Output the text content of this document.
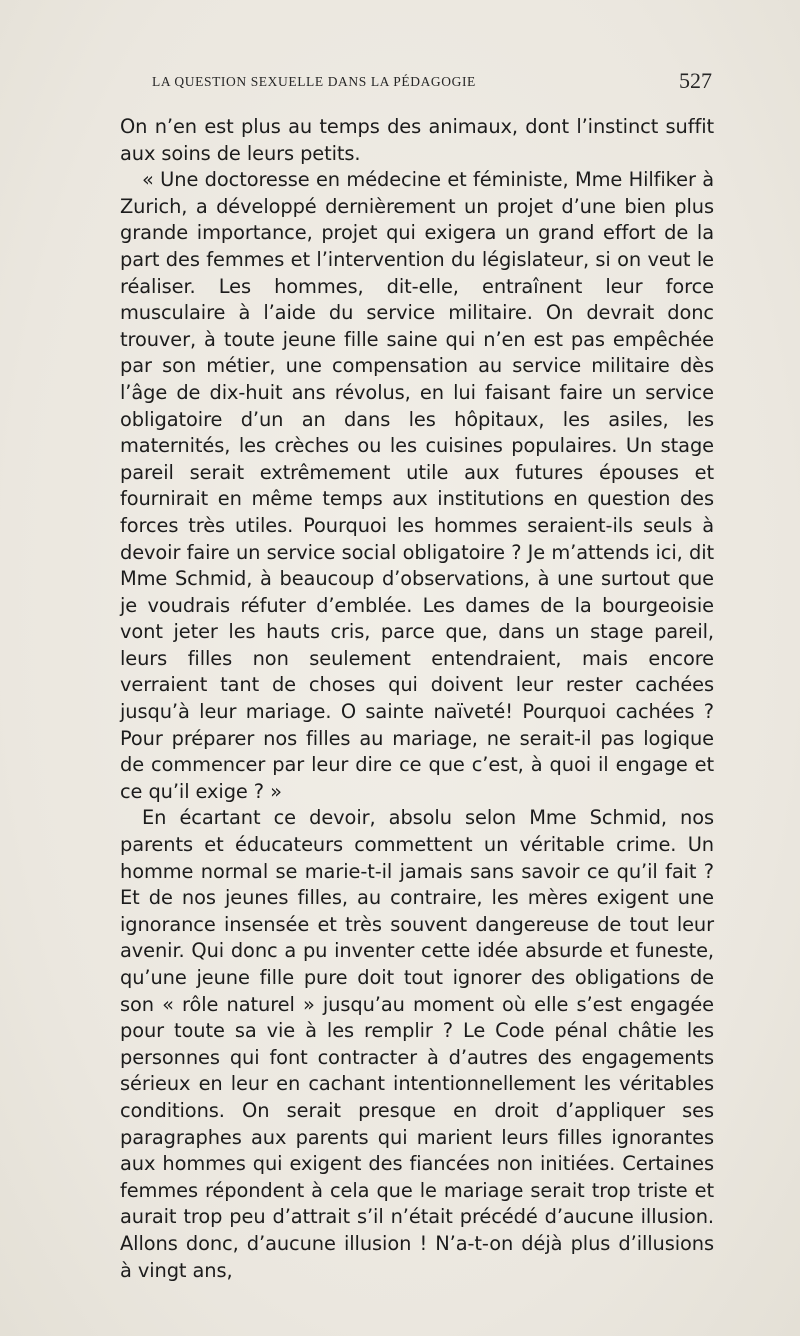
LA QUESTION SEXUELLE DANS LA PÉDAGOGIE	527

On n’en est plus au temps des animaux, dont l’instinct suffit aux soins de leurs petits.

« Une doctoresse en médecine et féministe, Mme Hilfiker à Zurich, a développé dernièrement un projet d’une bien plus grande importance, projet qui exigera un grand effort de la part des femmes et l’intervention du législateur, si on veut le réaliser. Les hommes, dit-elle, entraînent leur force musculaire à l’aide du service militaire. On devrait donc trouver, à toute jeune fille saine qui n’en est pas empêchée par son métier, une compensation au service militaire dès l’âge de dix-huit ans révolus, en lui faisant faire un service obligatoire d’un an dans les hôpitaux, les asiles, les maternités, les crèches ou les cuisines populaires. Un stage pareil serait extrêmement utile aux futures épouses et fournirait en même temps aux institutions en question des forces très utiles. Pourquoi les hommes seraient-ils seuls à devoir faire un service social obligatoire ? Je m’attends ici, dit Mme Schmid, à beaucoup d’observations, à une surtout que je voudrais réfuter d’emblée. Les dames de la bourgeoisie vont jeter les hauts cris, parce que, dans un stage pareil, leurs filles non seulement entendraient, mais encore verraient tant de choses qui doivent leur rester cachées jusqu’à leur mariage. O sainte naïveté! Pourquoi cachées ? Pour préparer nos filles au mariage, ne serait-il pas logique de commencer par leur dire ce que c’est, à quoi il engage et ce qu’il exige ? »

En écartant ce devoir, absolu selon Mme Schmid, nos parents et éducateurs commettent un véritable crime. Un homme normal se marie-t-il jamais sans savoir ce qu’il fait ? Et de nos jeunes filles, au contraire, les mères exigent une ignorance insensée et très souvent dangereuse de tout leur avenir. Qui donc a pu inventer cette idée absurde et funeste, qu’une jeune fille pure doit tout ignorer des obligations de son « rôle naturel » jusqu’au moment où elle s’est engagée pour toute sa vie à les remplir ? Le Code pénal châtie les personnes qui font contracter à d’autres des engagements sérieux en leur en cachant intentionnellement les véritables conditions. On serait presque en droit d’appliquer ses paragraphes aux parents qui marient leurs filles ignorantes aux hommes qui exigent des fiancées non initiées. Certaines femmes répondent à cela que le mariage serait trop triste et aurait trop peu d’attrait s’il n’était précédé d’aucune illusion. Allons donc, d’aucune illusion ! N’a-t-on déjà plus d’illusions à vingt ans,
